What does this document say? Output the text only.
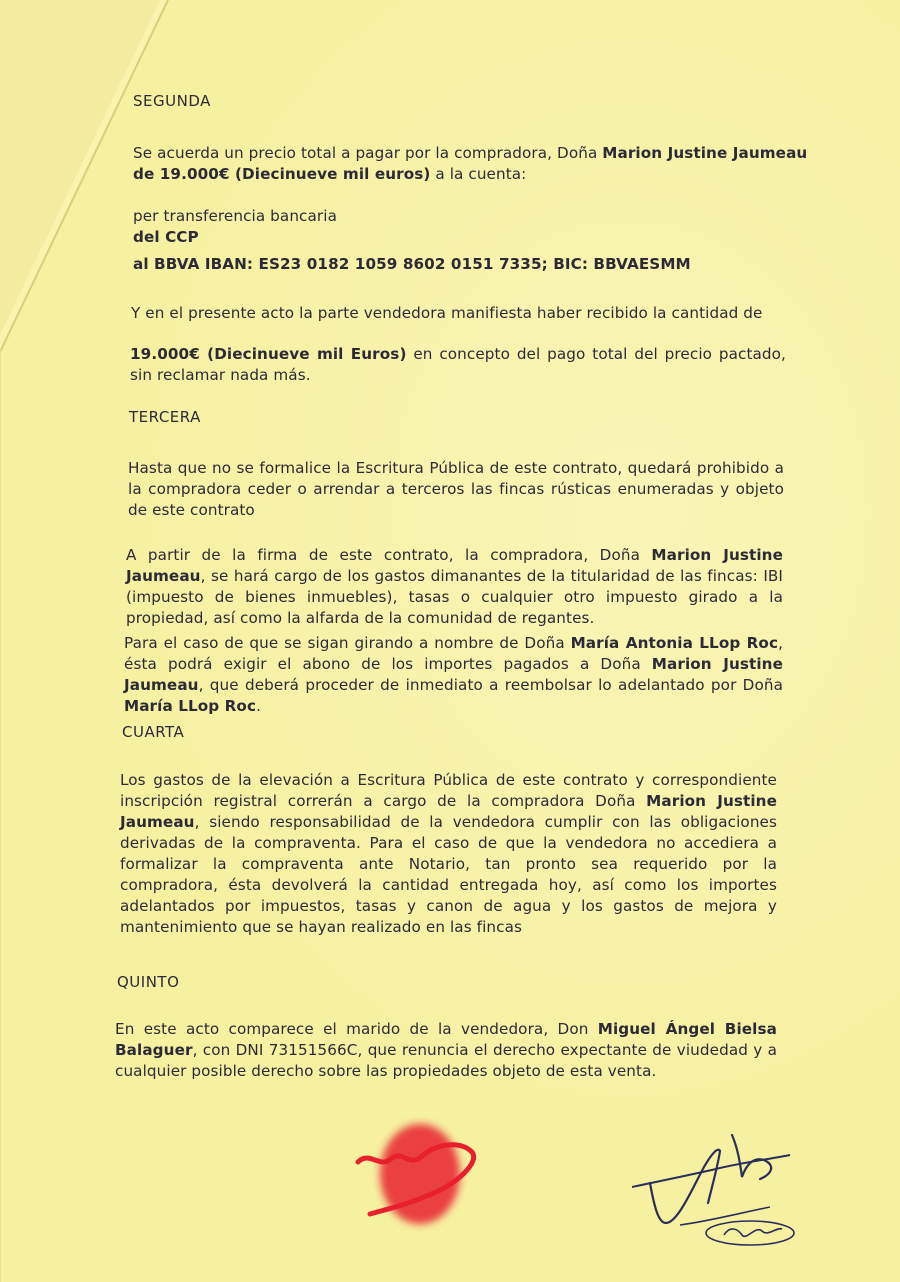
SEGUNDA
Se acuerda un precio total a pagar por la compradora, Doña Marion Justine Jaumeau
de 19.000€ (Diecinueve mil euros) a la cuenta:
per transferencia bancaria
del CCP
al BBVA IBAN: ES23 0182 1059 8602 0151 7335; BIC: BBVAESMM
Y en el presente acto la parte vendedora manifiesta haber recibido la cantidad de
19.000€ (Diecinueve mil Euros) en concepto del pago total del precio pactado, sin reclamar nada más.
TERCERA
Hasta que no se formalice la Escritura Pública de este contrato, quedará prohibido a la compradora ceder o arrendar a terceros las fincas rústicas enumeradas y objeto de este contrato
A partir de la firma de este contrato, la compradora, Doña Marion Justine Jaumeau, se hará cargo de los gastos dimanantes de la titularidad de las fincas: IBI (impuesto de bienes inmuebles), tasas o cualquier otro impuesto girado a la propiedad, así como la alfarda de la comunidad de regantes.
Para el caso de que se sigan girando a nombre de Doña María Antonia LLop Roc, ésta podrá exigir el abono de los importes pagados a Doña Marion Justine Jaumeau, que deberá proceder de inmediato a reembolsar lo adelantado por Doña María LLop Roc.
CUARTA
Los gastos de la elevación a Escritura Pública de este contrato y correspondiente inscripción registral correrán a cargo de la compradora Doña Marion Justine Jaumeau, siendo responsabilidad de la vendedora cumplir con las obligaciones derivadas de la compraventa. Para el caso de que la vendedora no accediera a formalizar la compraventa ante Notario, tan pronto sea requerido por la compradora, ésta devolverá la cantidad entregada hoy, así como los importes adelantados por impuestos, tasas y canon de agua y los gastos de mejora y mantenimiento que se hayan realizado en las fincas
QUINTO
En este acto comparece el marido de la vendedora, Don Miguel Ángel Bielsa Balaguer, con DNI 73151566C, que renuncia el derecho expectante de viudedad y a cualquier posible derecho sobre las propiedades objeto de esta venta.
